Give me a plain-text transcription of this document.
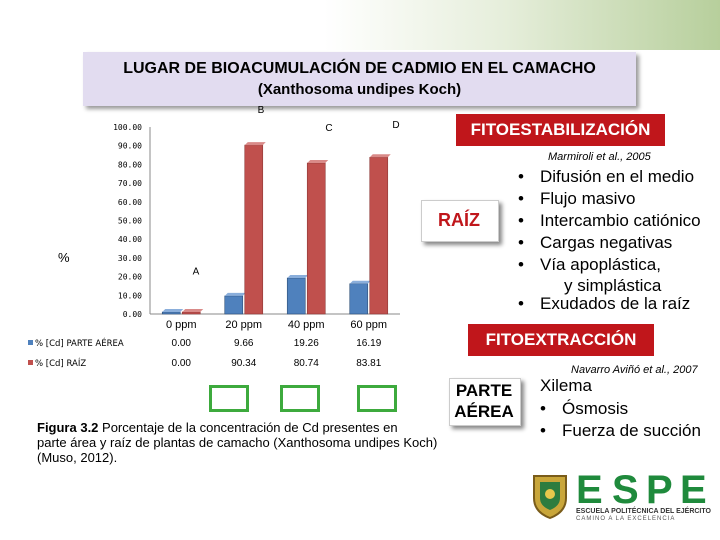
LUGAR DE BIOACUMULACIÓN DE CADMIO EN EL CAMACHO
(Xanthosoma undipes Koch)
0.00
10.00
20.00
30.00
40.00
50.00
60.00
70.00
80.00
90.00
100.00
0 ppm	20 ppm 40 ppm 60 ppm
% [Cd] PARTE AÉREA	0.00	9.66	19.26	16.19
% [Cd] RAÍZ	0.00	90.34	80.74	83.81
A
B
C	D
%
FITOESTABILIZACIÓN
Marmiroli et al., 2005
RAÍZ
• Difusión en el medio
• Flujo masivo
• Intercambio catiónico
• Cargas negativas
• Vía apoplástica,
y simplástica
• Exudados de la raíz
FITOEXTRACCIÓN
Navarro Aviñó et al., 2007
PARTE
AÉREA
Xilema
• Ósmosis
• Fuerza de succión
Figura 3.2 Porcentaje de la concentración de Cd presentes en
parte área y raíz de plantas de camacho (Xanthosoma undipes Koch)
(Muso, 2012).
E S P E
ESCUELA POLITÉCNICA DEL EJÉRCITO
CAMINO A LA EXCELENCIA
